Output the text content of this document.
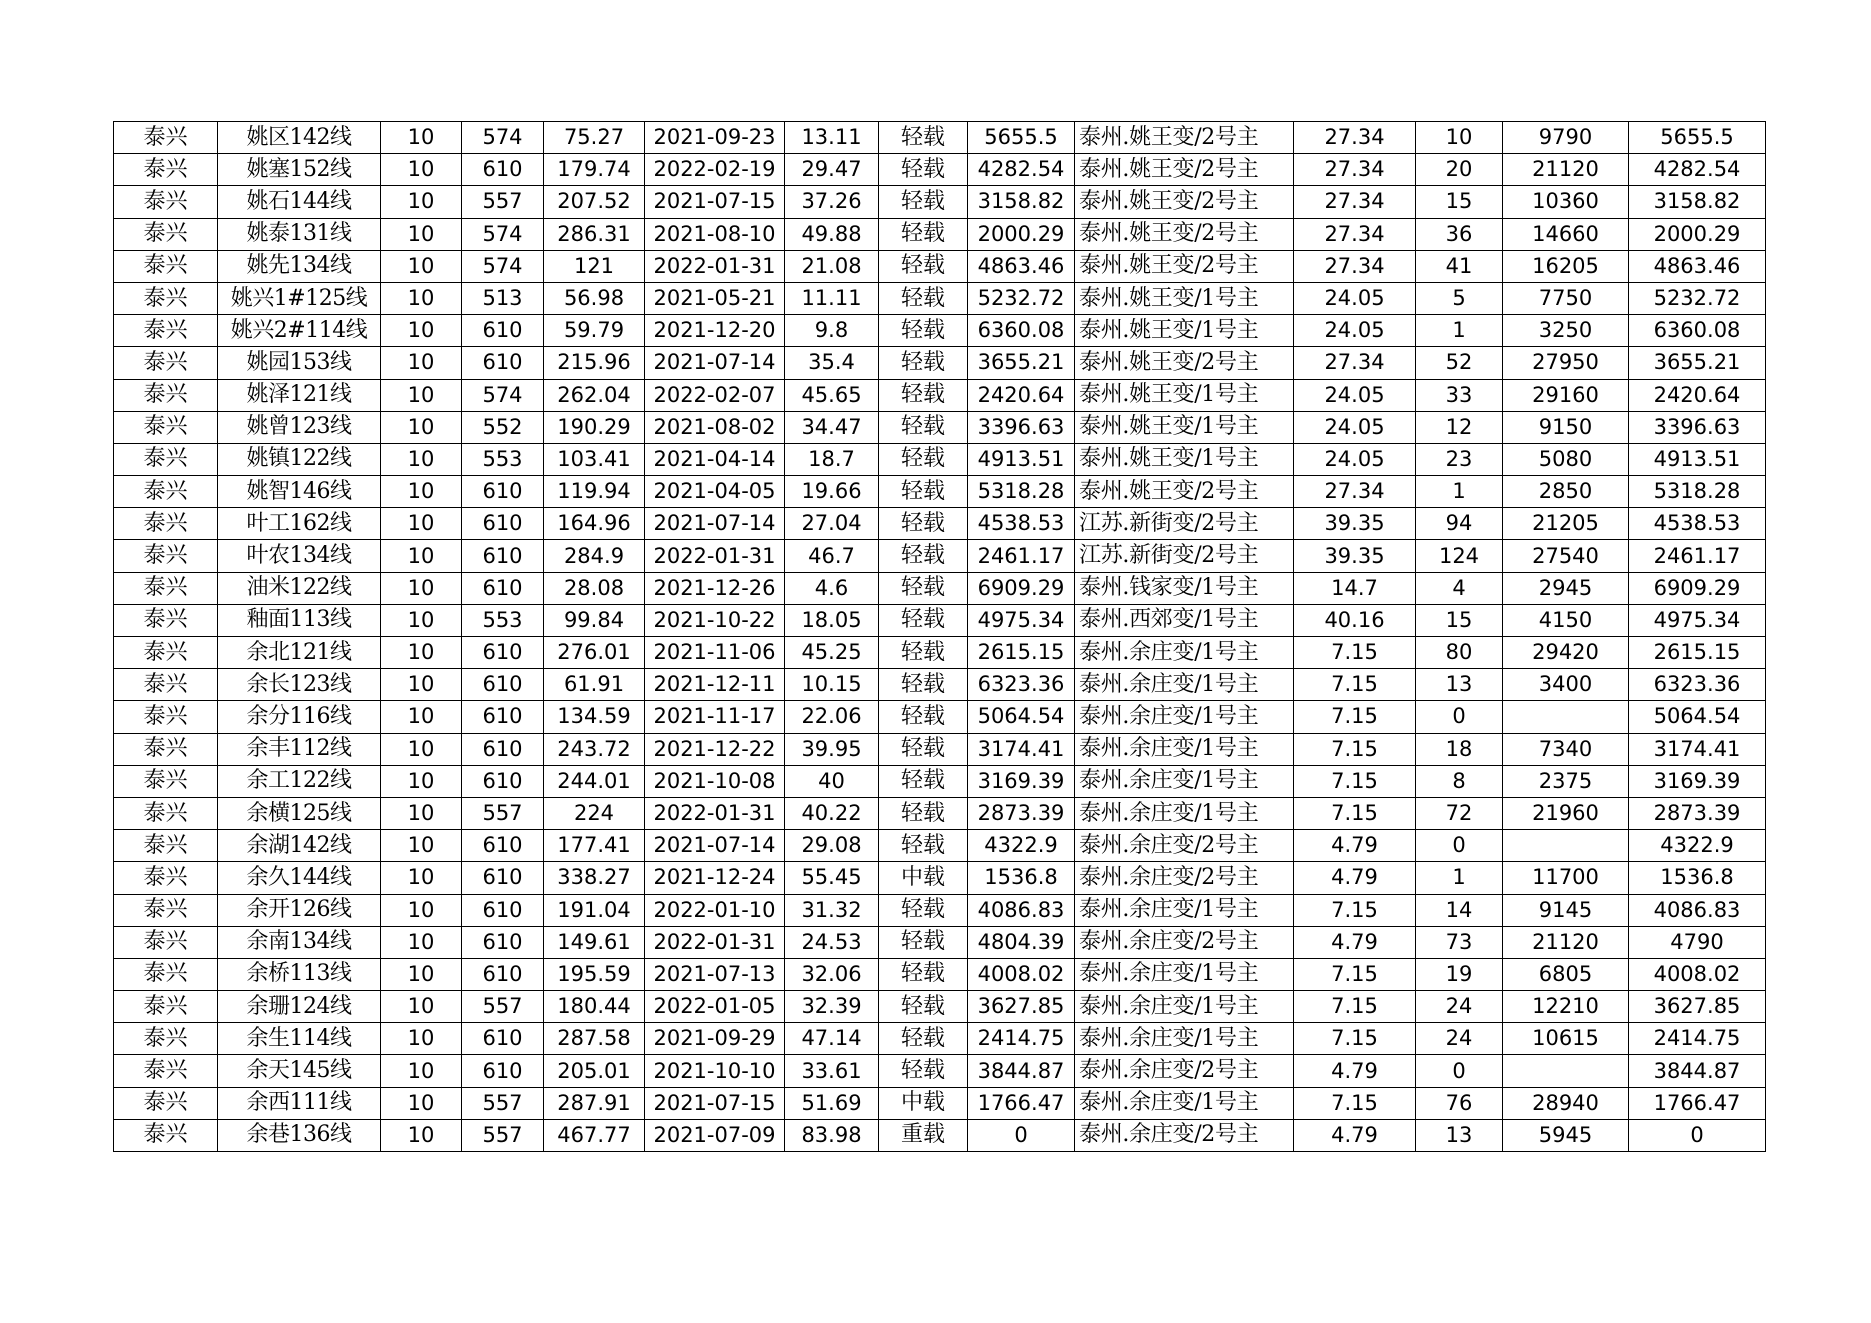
泰兴	姚区142线	10	574	75.27	2021-09-23	13.11	轻载	5655.5	泰州.姚王变/2号主	27.34	10	9790	5655.5
泰兴	姚塞152线	10	610	179.74	2022-02-19	29.47	轻载	4282.54	泰州.姚王变/2号主	27.34	20	21120	4282.54
泰兴	姚石144线	10	557	207.52	2021-07-15	37.26	轻载	3158.82	泰州.姚王变/2号主	27.34	15	10360	3158.82
泰兴	姚泰131线	10	574	286.31	2021-08-10	49.88	轻载	2000.29	泰州.姚王变/2号主	27.34	36	14660	2000.29
泰兴	姚先134线	10	574	121	2022-01-31	21.08	轻载	4863.46	泰州.姚王变/2号主	27.34	41	16205	4863.46
泰兴	姚兴1#125线	10	513	56.98	2021-05-21	11.11	轻载	5232.72	泰州.姚王变/1号主	24.05	5	7750	5232.72
泰兴	姚兴2#114线	10	610	59.79	2021-12-20	9.8	轻载	6360.08	泰州.姚王变/1号主	24.05	1	3250	6360.08
泰兴	姚园153线	10	610	215.96	2021-07-14	35.4	轻载	3655.21	泰州.姚王变/2号主	27.34	52	27950	3655.21
泰兴	姚泽121线	10	574	262.04	2022-02-07	45.65	轻载	2420.64	泰州.姚王变/1号主	24.05	33	29160	2420.64
泰兴	姚曾123线	10	552	190.29	2021-08-02	34.47	轻载	3396.63	泰州.姚王变/1号主	24.05	12	9150	3396.63
泰兴	姚镇122线	10	553	103.41	2021-04-14	18.7	轻载	4913.51	泰州.姚王变/1号主	24.05	23	5080	4913.51
泰兴	姚智146线	10	610	119.94	2021-04-05	19.66	轻载	5318.28	泰州.姚王变/2号主	27.34	1	2850	5318.28
泰兴	叶工162线	10	610	164.96	2021-07-14	27.04	轻载	4538.53	江苏.新街变/2号主	39.35	94	21205	4538.53
泰兴	叶农134线	10	610	284.9	2022-01-31	46.7	轻载	2461.17	江苏.新街变/2号主	39.35	124	27540	2461.17
泰兴	油米122线	10	610	28.08	2021-12-26	4.6	轻载	6909.29	泰州.钱家变/1号主	14.7	4	2945	6909.29
泰兴	釉面113线	10	553	99.84	2021-10-22	18.05	轻载	4975.34	泰州.西郊变/1号主	40.16	15	4150	4975.34
泰兴	余北121线	10	610	276.01	2021-11-06	45.25	轻载	2615.15	泰州.余庄变/1号主	7.15	80	29420	2615.15
泰兴	余长123线	10	610	61.91	2021-12-11	10.15	轻载	6323.36	泰州.余庄变/1号主	7.15	13	3400	6323.36
泰兴	余分116线	10	610	134.59	2021-11-17	22.06	轻载	5064.54	泰州.余庄变/1号主	7.15	0		5064.54
泰兴	余丰112线	10	610	243.72	2021-12-22	39.95	轻载	3174.41	泰州.余庄变/1号主	7.15	18	7340	3174.41
泰兴	余工122线	10	610	244.01	2021-10-08	40	轻载	3169.39	泰州.余庄变/1号主	7.15	8	2375	3169.39
泰兴	余横125线	10	557	224	2022-01-31	40.22	轻载	2873.39	泰州.余庄变/1号主	7.15	72	21960	2873.39
泰兴	余湖142线	10	610	177.41	2021-07-14	29.08	轻载	4322.9	泰州.余庄变/2号主	4.79	0		4322.9
泰兴	余久144线	10	610	338.27	2021-12-24	55.45	中载	1536.8	泰州.余庄变/2号主	4.79	1	11700	1536.8
泰兴	余开126线	10	610	191.04	2022-01-10	31.32	轻载	4086.83	泰州.余庄变/1号主	7.15	14	9145	4086.83
泰兴	余南134线	10	610	149.61	2022-01-31	24.53	轻载	4804.39	泰州.余庄变/2号主	4.79	73	21120	4790
泰兴	余桥113线	10	610	195.59	2021-07-13	32.06	轻载	4008.02	泰州.余庄变/1号主	7.15	19	6805	4008.02
泰兴	余珊124线	10	557	180.44	2022-01-05	32.39	轻载	3627.85	泰州.余庄变/1号主	7.15	24	12210	3627.85
泰兴	余生114线	10	610	287.58	2021-09-29	47.14	轻载	2414.75	泰州.余庄变/1号主	7.15	24	10615	2414.75
泰兴	余天145线	10	610	205.01	2021-10-10	33.61	轻载	3844.87	泰州.余庄变/2号主	4.79	0		3844.87
泰兴	余西111线	10	557	287.91	2021-07-15	51.69	中载	1766.47	泰州.余庄变/1号主	7.15	76	28940	1766.47
泰兴	余巷136线	10	557	467.77	2021-07-09	83.98	重载	0	泰州.余庄变/2号主	4.79	13	5945	0
